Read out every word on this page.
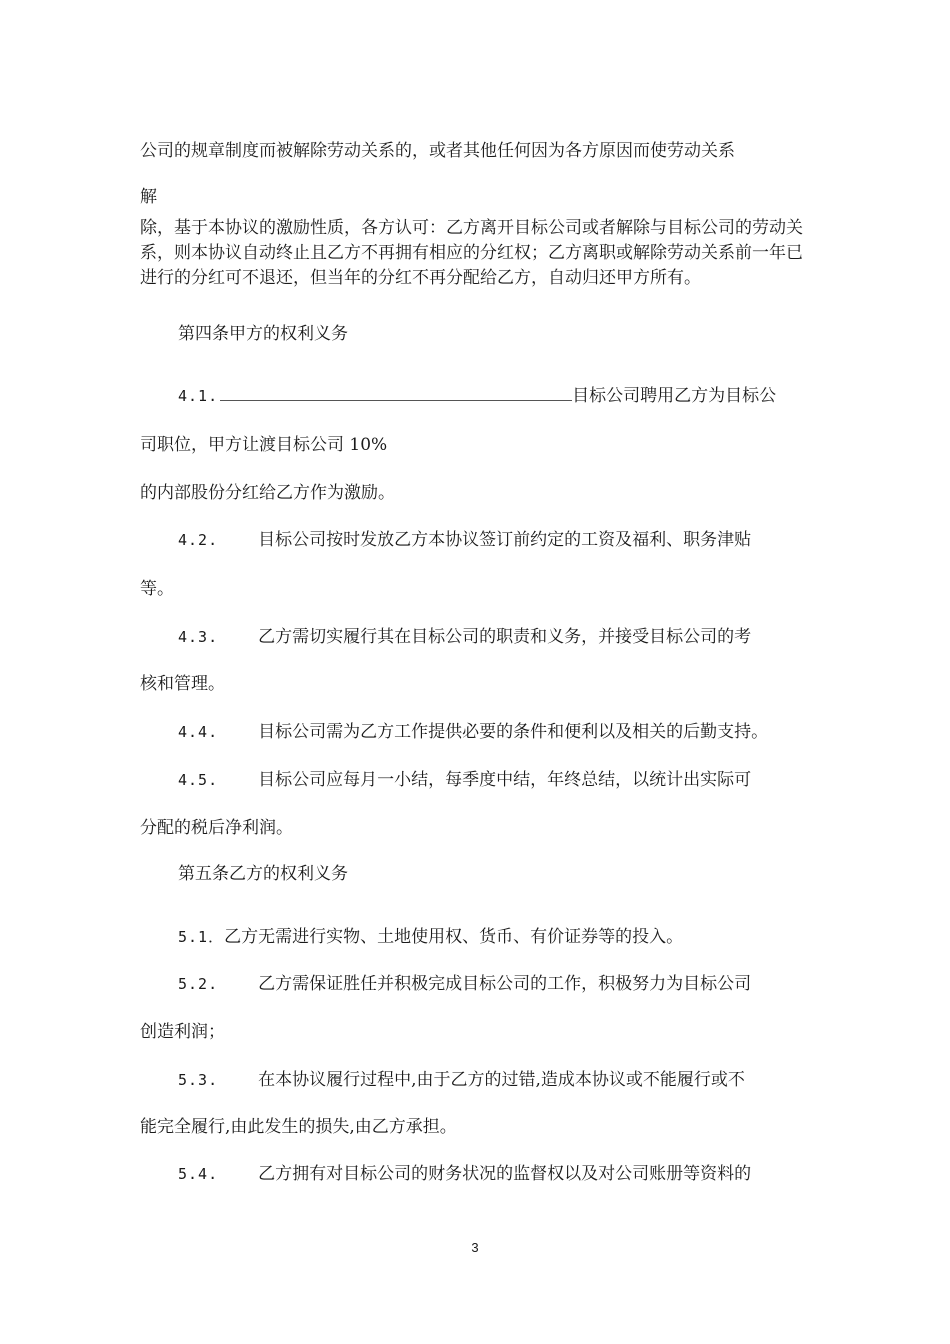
公司的规章制度而被解除劳动关系的，或者其他任何因为各方原因而使劳动关系
解
除，基于本协议的激励性质，各方认可：乙方离开目标公司或者解除与目标公司的劳动关系，则本协议自动终止且乙方不再拥有相应的分红权；乙方离职或解除劳动关系前一年已进行的分红可不退还，但当年的分红不再分配给乙方，自动归还甲方所有。
第四条甲方的权利义务
4.1.	目标公司聘用乙方为目标公
司职位，甲方让渡目标公司 10%
的内部股份分红给乙方作为激励。
4.2. 目标公司按时发放乙方本协议签订前约定的工资及福利、职务津贴
等。
4.3. 乙方需切实履行其在目标公司的职责和义务，并接受目标公司的考
核和管理。
4.4. 目标公司需为乙方工作提供必要的条件和便利以及相关的后勤支持。
4.5. 目标公司应每月一小结，每季度中结，年终总结，以统计出实际可
分配的税后净利润。
第五条乙方的权利义务
5.1．乙方无需进行实物、土地使用权、货币、有价证券等的投入。
5.2. 乙方需保证胜任并积极完成目标公司的工作，积极努力为目标公司
创造利润；
5.3. 在本协议履行过程中,由于乙方的过错,造成本协议或不能履行或不
能完全履行,由此发生的损失,由乙方承担。
5.4. 乙方拥有对目标公司的财务状况的监督权以及对公司账册等资料的
3
